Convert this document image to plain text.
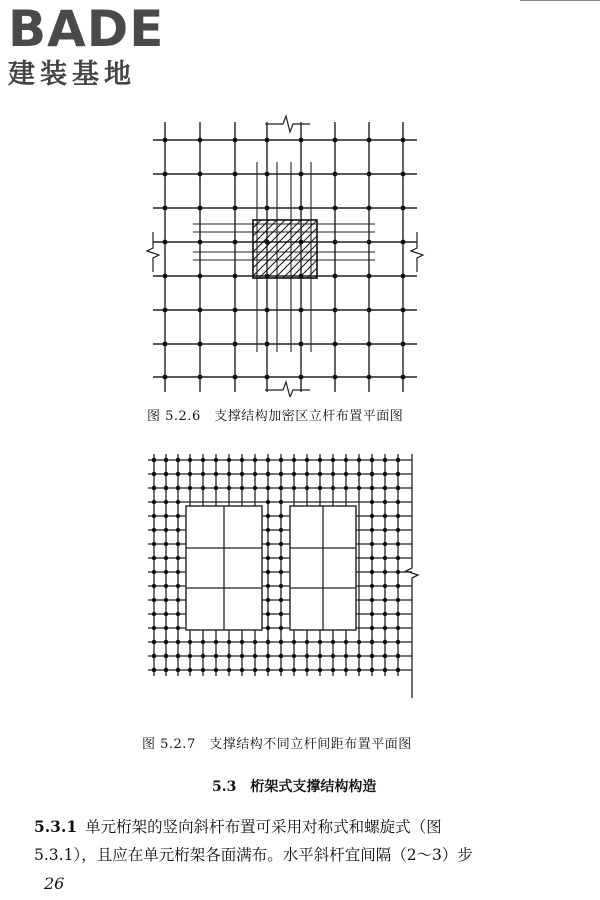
BADE
建装基地
图 5.2.6　支撑结构加密区立杆布置平面图
图 5.2.7　支撑结构不同立杆间距布置平面图
5.3　桁架式支撑结构构造
5.3.1 单元桁架的竖向斜杆布置可采用对称式和螺旋式（图
5.3.1），且应在单元桁架各面满布。水平斜杆宜间隔（2～3）步
26
